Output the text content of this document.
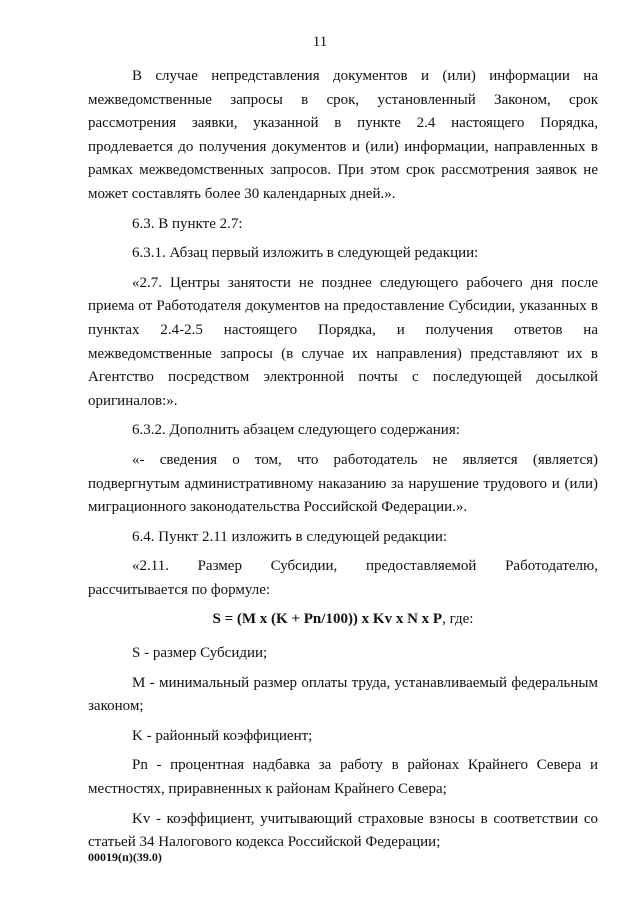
11

В случае непредставления документов и (или) информации на межведомственные запросы в срок, установленный Законом, срок рассмотрения заявки, указанной в пункте 2.4 настоящего Порядка, продлевается до получения документов и (или) информации, направленных в рамках межведомственных запросов. При этом срок рассмотрения заявок не может составлять более 30 календарных дней.».

6.3. В пункте 2.7:

6.3.1. Абзац первый изложить в следующей редакции:

«2.7. Центры занятости не позднее следующего рабочего дня после приема от Работодателя документов на предоставление Субсидии, указанных в пунктах 2.4-2.5 настоящего Порядка, и получения ответов на межведомственные запросы (в случае их направления) представляют их в Агентство посредством электронной почты с последующей досылкой оригиналов:».

6.3.2. Дополнить абзацем следующего содержания:

«- сведения о том, что работодатель не является (является) подвергнутым административному наказанию за нарушение трудового и (или) миграционного законодательства Российской Федерации.».

6.4. Пункт 2.11 изложить в следующей редакции:

«2.11. Размер Субсидии, предоставляемой Работодателю, рассчитывается по формуле:

S = (M x (K + Pn/100)) x Kv x N x P, где:

S - размер Субсидии;

M - минимальный размер оплаты труда, устанавливаемый федеральным законом;

K - районный коэффициент;

Pn - процентная надбавка за работу в районах Крайнего Севера и местностях, приравненных к районам Крайнего Севера;

Kv - коэффициент, учитывающий страховые взносы в соответствии со статьей 34 Налогового кодекса Российской Федерации;

00019(п)(39.0)
